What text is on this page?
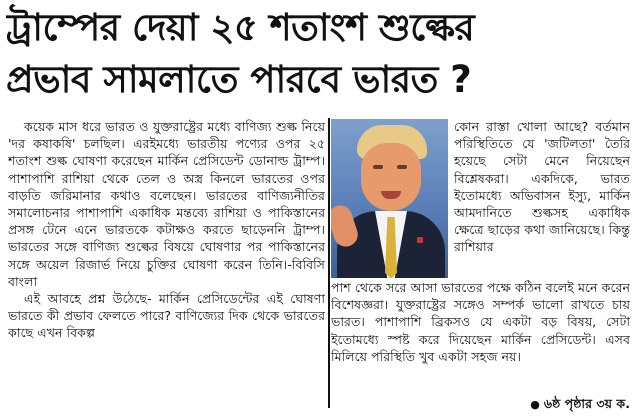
ট্রাম্পের দেয়া ২৫ শতাংশ শুল্কের
প্রভাব সামলাতে পারবে ভারত ?

কয়েক মাস ধরে ভারত ও যুক্তরাষ্ট্রের মধ্যে বাণিজ্য শুল্ক নিয়ে 'দর কষাকষি' চলছিল। এরইমধ্যে ভারতীয় পণ্যের ওপর ২৫ শতাংশ শুল্ক ঘোষণা করেছেন মার্কিন প্রেসিডেন্ট ডোনাল্ড ট্রাম্প। পাশাপাশি রাশিয়া থেকে তেল ও অস্ত্র কিনলে ভারতের ওপর বাড়তি জরিমানার কথাও বলেছেন। ভারতের বাণিজ্যনীতির সমালোচনার পাশাপাশি একাধিক মন্তব্যে রাশিয়া ও পাকিস্তানের প্রসঙ্গ টেনে এনে ভারতকে কটাক্ষও করতে ছাড়েননি ট্রাম্প। ভারতের সঙ্গে বাণিজ্য শুল্কের বিষয়ে ঘোষণার পর পাকিস্তানের সঙ্গে অয়েল রিজার্ভ নিয়ে চুক্তির ঘোষণা করেন তিনি।-বিবিসি বাংলা

এই আবহে প্রশ্ন উঠেছে- মার্কিন প্রেসিডেন্টের এই ঘোষণা ভারতে কী প্রভাব ফেলতে পারে? বাণিজ্যের দিক থেকে ভারতের কাছে এখন বিকল্প

কোন রাস্তা খোলা আছে? বর্তমান পরিস্থিতিতে যে 'জটিলতা' তৈরি হয়েছে সেটা মেনে নিয়েছেন বিশ্লেষকরা। একদিকে, ভারত ইতোমধ্যে অভিবাসন ইস্যু, মার্কিন আমদানিতে শুল্কসহ একাধিক ক্ষেত্রে ছাড়ের কথা জানিয়েছে। কিন্তু রাশিয়ার

পাশ থেকে সরে আসা ভারতের পক্ষে কঠিন বলেই মনে করেন বিশেষজ্ঞরা। যুক্তরাষ্ট্রের সঙ্গেও সম্পর্ক ভালো রাখতে চায় ভারত। পাশাপাশি ব্রিকসও যে একটা বড় বিষয়, সেটা ইতোমধ্যে স্পষ্ট করে দিয়েছেন মার্কিন প্রেসিডেন্ট। এসব মিলিয়ে পরিস্থিতি খুব একটা সহজ নয়।

● ৬ষ্ঠ পৃষ্ঠার ৩য় ক.
